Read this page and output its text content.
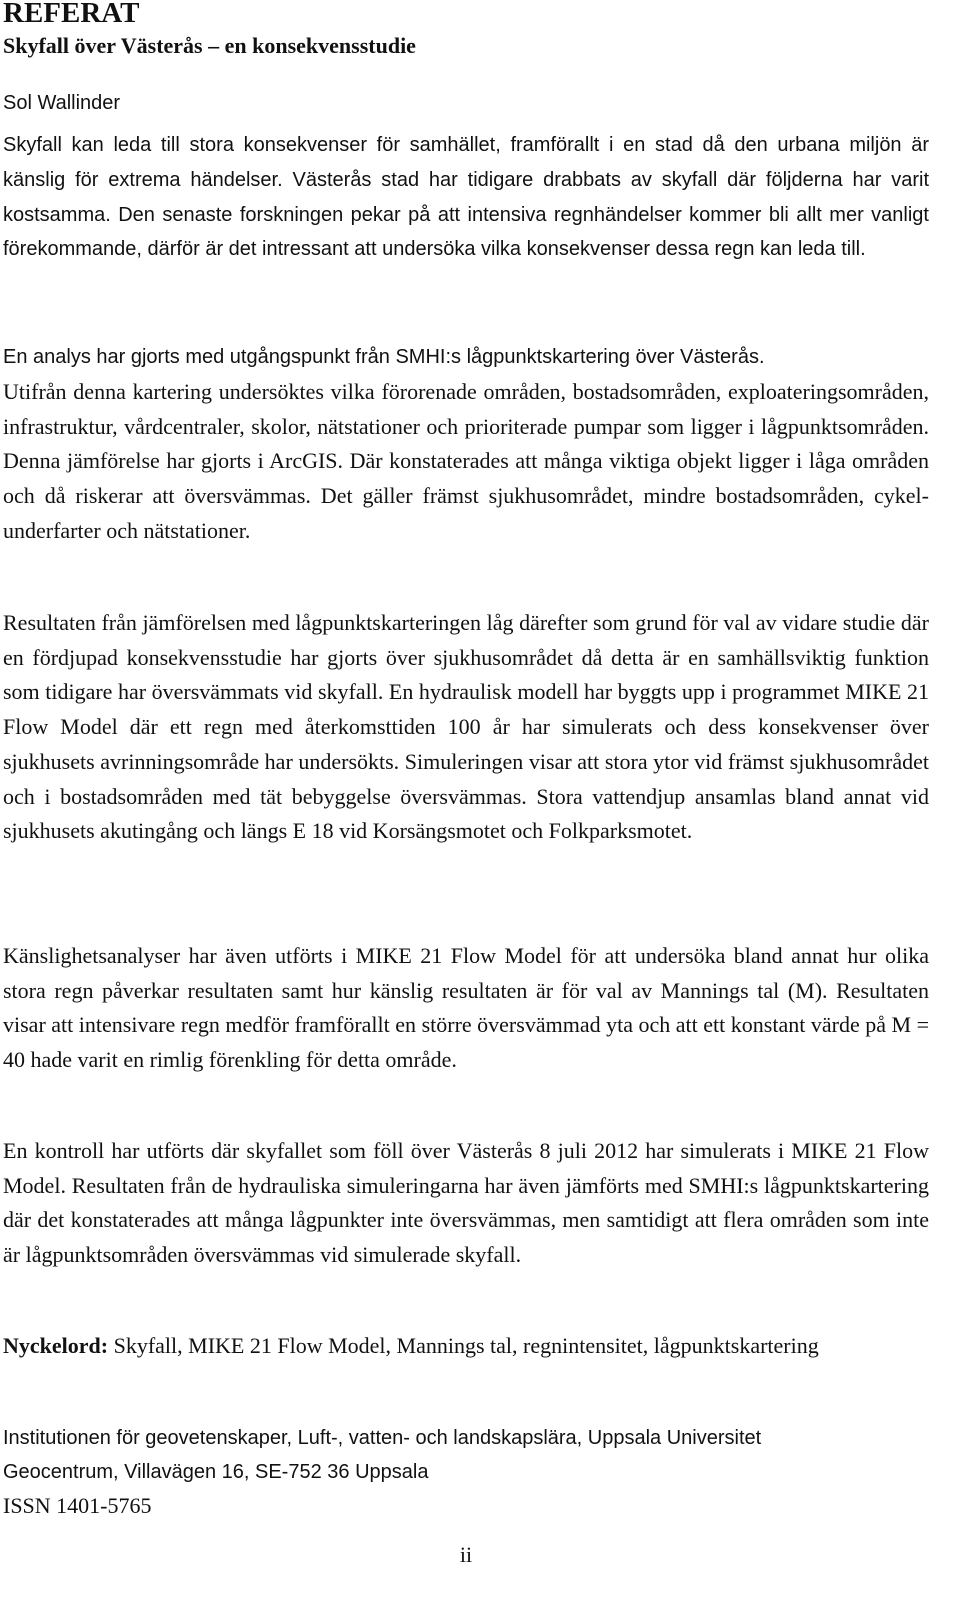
REFERAT
Skyfall över Västerås – en konsekvensstudie
Sol Wallinder

Skyfall kan leda till stora konsekvenser för samhället, framförallt i en stad då den urbana miljön är känslig för extrema händelser. Västerås stad har tidigare drabbats av skyfall där följderna har varit kostsamma. Den senaste forskningen pekar på att intensiva regnhändelser kommer bli allt mer vanligt förekommande, därför är det intressant att undersöka vilka konsekvenser dessa regn kan leda till.

En analys har gjorts med utgångspunkt från SMHI:s lågpunktskartering över Västerås.

Utifrån denna kartering undersöktes vilka förorenade områden, bostadsområden, exploateringsområden, infrastruktur, vårdcentraler, skolor, nätstationer och prioriterade pumpar som ligger i lågpunktsområden. Denna jämförelse har gjorts i ArcGIS. Där konstaterades att många viktiga objekt ligger i låga områden och då riskerar att översvämmas. Det gäller främst sjukhusområdet, mindre bostadsområden, cykel-underfarter och nätstationer.

Resultaten från jämförelsen med lågpunktskarteringen låg därefter som grund för val av vidare studie där en fördjupad konsekvensstudie har gjorts över sjukhusområdet då detta är en samhällsviktig funktion som tidigare har översvämmats vid skyfall. En hydraulisk modell har byggts upp i programmet MIKE 21 Flow Model där ett regn med återkomsttiden 100 år har simulerats och dess konsekvenser över sjukhusets avrinningsområde har undersökts. Simuleringen visar att stora ytor vid främst sjukhusområdet och i bostadsområden med tät bebyggelse översvämmas. Stora vattendjup ansamlas bland annat vid sjukhusets akutingång och längs E 18 vid Korsängsmotet och Folkparksmotet.

Känslighetsanalyser har även utförts i MIKE 21 Flow Model för att undersöka bland annat hur olika stora regn påverkar resultaten samt hur känslig resultaten är för val av Mannings tal (M). Resultaten visar att intensivare regn medför framförallt en större översvämmad yta och att ett konstant värde på M = 40 hade varit en rimlig förenkling för detta område.

En kontroll har utförts där skyfallet som föll över Västerås 8 juli 2012 har simulerats i MIKE 21 Flow Model. Resultaten från de hydrauliska simuleringarna har även jämförts med SMHI:s lågpunktskartering där det konstaterades att många lågpunkter inte översvämmas, men samtidigt att flera områden som inte är lågpunktsområden översvämmas vid simulerade skyfall.

Nyckelord: Skyfall, MIKE 21 Flow Model, Mannings tal, regnintensitet, lågpunktskartering

Institutionen för geovetenskaper, Luft-, vatten- och landskapslära, Uppsala Universitet
Geocentrum, Villavägen 16, SE-752 36 Uppsala
ISSN 1401-5765
ii
